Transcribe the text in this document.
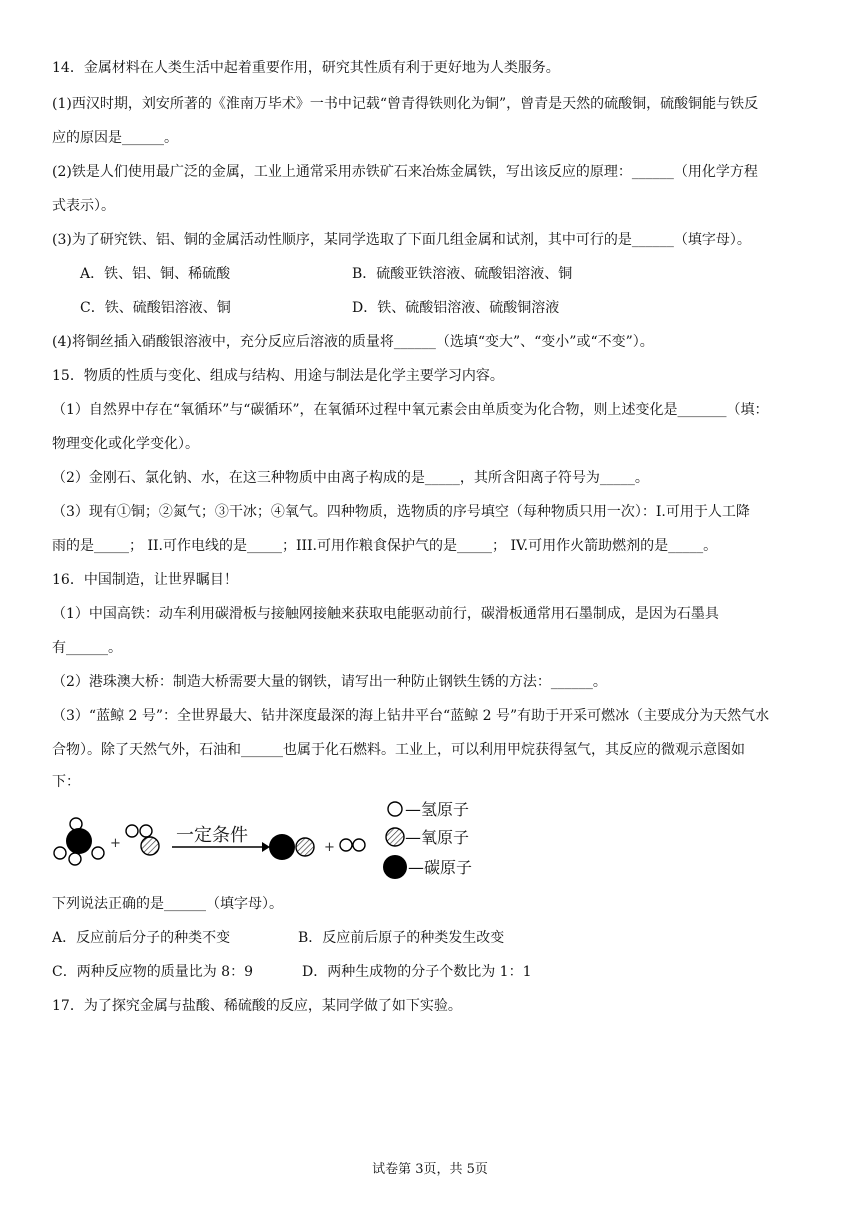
14．金属材料在人类生活中起着重要作用，研究其性质有利于更好地为人类服务。
(1)西汉时期，刘安所著的《淮南万毕术》一书中记载“曾青得铁则化为铜”，曾青是天然的硫酸铜，硫酸铜能与铁反
应的原因是______。
(2)铁是人们使用最广泛的金属，工业上通常采用赤铁矿石来冶炼金属铁，写出该反应的原理：______（用化学方程
式表示）。
(3)为了研究铁、铝、铜的金属活动性顺序，某同学选取了下面几组金属和试剂，其中可行的是______（填字母）。
A．铁、铝、铜、稀硫酸	B．硫酸亚铁溶液、硫酸铝溶液、铜
C．铁、硫酸铝溶液、铜	D．铁、硫酸铝溶液、硫酸铜溶液
(4)将铜丝插入硝酸银溶液中，充分反应后溶液的质量将______（选填“变大”、“变小”或“不变”）。
15．物质的性质与变化、组成与结构、用途与制法是化学主要学习内容。
（1）自然界中存在“氧循环”与“碳循环”，在氧循环过程中氧元素会由单质变为化合物，则上述变化是_______（填：
物理变化或化学变化）。
（2）金刚石、氯化钠、水，在这三种物质中由离子构成的是_____，其所含阳离子符号为_____。
（3）现有①铜；②氮气；③干冰；④氧气。四种物质，选物质的序号填空（每种物质只用一次）：I.可用于人工降
雨的是_____； II.可作电线的是_____；III.可用作粮食保护气的是_____； IV.可用作火箭助燃剂的是_____。
16．中国制造，让世界瞩目！
（1）中国高铁：动车利用碳滑板与接触网接触来获取电能驱动前行，碳滑板通常用石墨制成，是因为石墨具
有______。
（2）港珠澳大桥：制造大桥需要大量的钢铁，请写出一种防止钢铁生锈的方法：______。
（3）“蓝鲸 2 号”：全世界最大、钻井深度最深的海上钻井平台“蓝鲸 2 号”有助于开采可燃冰（主要成分为天然气水
合物）。除了天然气外，石油和______也属于化石燃料。工业上，可以利用甲烷获得氢气，其反应的微观示意图如
下：
+	一定条件
+
—氢原子
—氧原子
—碳原子
下列说法正确的是______（填字母）。
A．反应前后分子的种类不变	B．反应前后原子的种类发生改变
C．两种反应物的质量比为 8：9	D．两种生成物的分子个数比为 1：1
17．为了探究金属与盐酸、稀硫酸的反应，某同学做了如下实验。
试卷第 3页，共 5页
